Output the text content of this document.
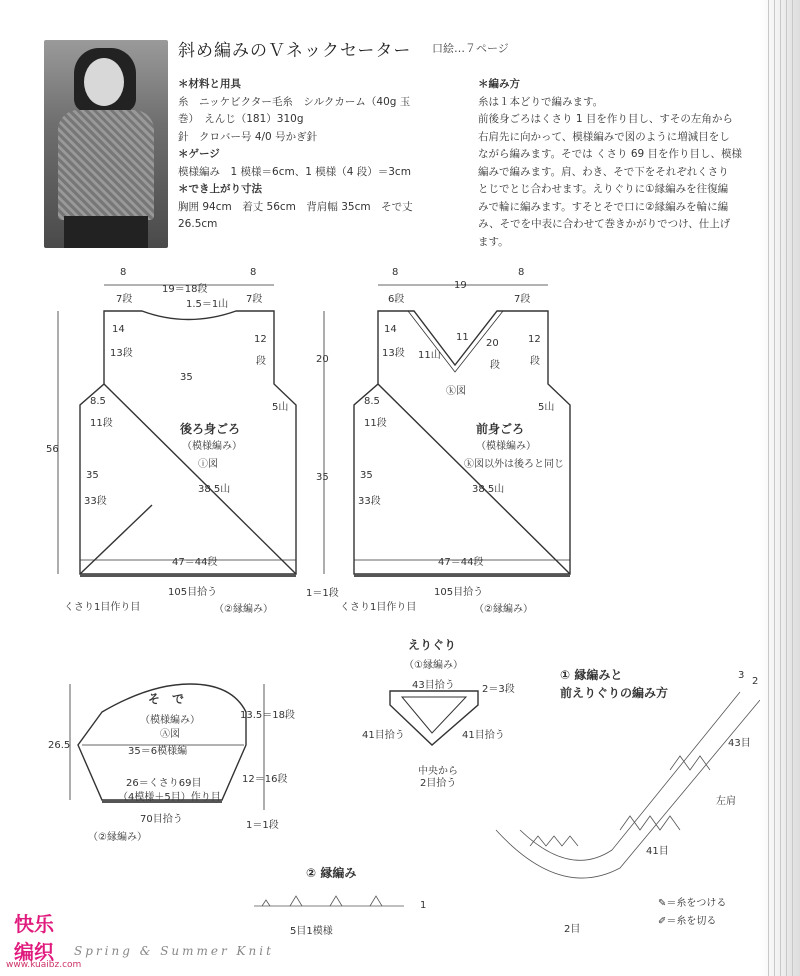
斜め編みのＶネックセーター 口絵…７ページ
＊材料と用具
糸　ニッケビクター毛糸　シルクカーム（40g 玉
巻）　えんじ（181）310g
針　クロバー号 4/0 号かぎ針
＊ゲージ
模様編み　1 模様＝6cm、1 模様（4 段）＝3cm
＊でき上がり寸法
胸囲 94cm　着丈 56cm　背肩幅 35cm　そで丈
26.5cm
＊編み方
糸は１本どりで編みます。
前後身ごろはくさり 1 目を作り目し、すその左角から
右肩先に向かって、模様編みで図のように増減目をし
ながら編みます。そでは くさり 69 目を作り目し、模様
編みで編みます。肩、わき、そで下をそれぞれくさり
とじでとじ合わせます。えりぐりに①縁編みを往復編
みで輪に編みます。すそとそで口に②縁編みを輪に編
み、そでを中表に合わせて巻きかがりでつけ、仕上げ
ます。
後ろ身ごろ
（模様編み）
ⓘ図
8
7段
19＝18段
8
7段
1.5＝1山
14
13段
12
段
35
5山
8.5
11段
35
33段
38.5山
47＝44段
105目拾う
くさり1目作り目	（②縁編み）
56
1＝1段
前身ごろ
（模様編み）
ⓚ図以外は後ろと同じ
ⓚ図
8
6段
19
8
7段
11
11山
20
段
14
13段
12
段
5山
8.5
11段
35
33段
38.5山
47＝44段
105目拾う
くさり1目作り目	（②縁編み）
20
35
そ　で
（模様編み）
Ⓐ図
13.5＝18段
35＝6模様編
26.5
12＝16段
26＝くさり69目
（4模様＋5目）作り目
70目拾う
（②縁編み）
1＝1段
えりぐり
（①縁編み）
43目拾う	2＝3段
41目拾う	41目拾う
中央から
2目拾う
① 縁編みと
前えりぐりの編み方
3
2
43目
41目
2目
左肩
✎＝糸をつける
✐＝糸を切る
② 縁編み
5目1模様
1
Spring & Summer Knit
快乐
编织
www.kuaibz.com
